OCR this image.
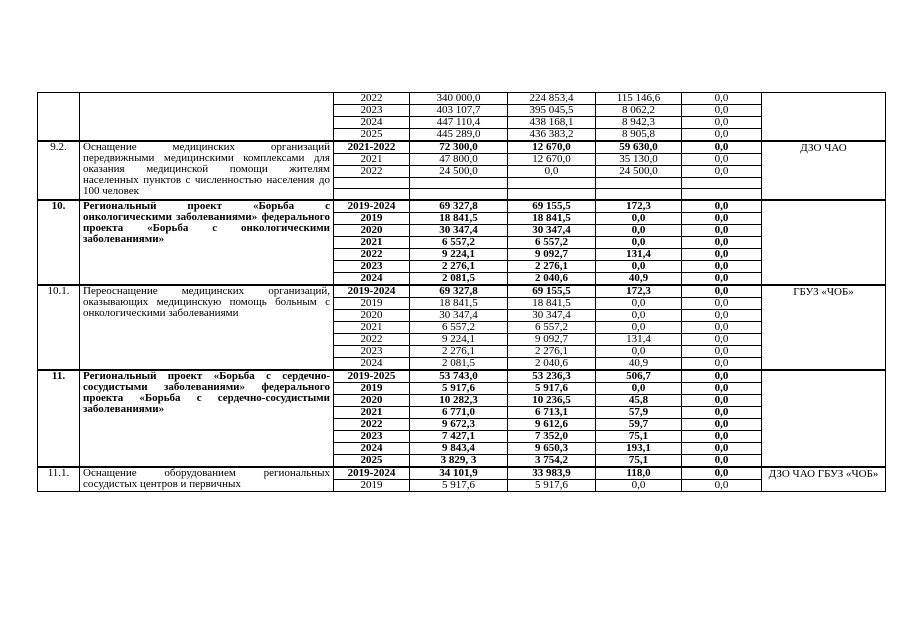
		2022	340 000,0	224 853,4	115 146,6	0,0	
		2023	403 107,7	395 045,5	8 062,2	0,0	
		2024	447 110,4	438 168,1	8 942,3	0,0	
		2025	445 289,0	436 383,2	8 905,8	0,0	
9.2.	Оснащение медицинских организаций передвижными медицинскими комплексами для оказания медицинской помощи жителям населенных пунктов с численностью населения до 100 человек	2021-2022	72 300,0	12 670,0	59 630,0	0,0	ДЗО ЧАО
		2021	47 800,0	12 670,0	35 130,0	0,0	
		2022	24 500,0	0,0	24 500,0	0,0	

10.	Региональный проект «Борьба с онкологическими заболеваниями» федерального проекта «Борьба с онкологическими заболеваниями»	2019-2024	69 327,8	69 155,5	172,3	0,0	
		2019	18 841,5	18 841,5	0,0	0,0	
		2020	30 347,4	30 347,4	0,0	0,0	
		2021	6 557,2	6 557,2	0,0	0,0	
		2022	9 224,1	9 092,7	131,4	0,0	
		2023	2 276,1	2 276,1	0,0	0,0	
		2024	2 081,5	2 040,6	40,9	0,0	
10.1.	Переоснащение медицинских организаций, оказывающих медицинскую помощь больным с онкологическими заболеваниями	2019-2024	69 327,8	69 155,5	172,3	0,0	ГБУЗ «ЧОБ»
		2019	18 841,5	18 841,5	0,0	0,0	
		2020	30 347,4	30 347,4	0,0	0,0	
		2021	6 557,2	6 557,2	0,0	0,0	
		2022	9 224,1	9 092,7	131,4	0,0	
		2023	2 276,1	2 276,1	0,0	0,0	
		2024	2 081,5	2 040,6	40,9	0,0	
11.	Региональный проект «Борьба с сердечно-сосудистыми заболеваниями» федерального проекта «Борьба с сердечно-сосудистыми заболеваниями»	2019-2025	53 743,0	53 236,3	506,7	0,0	
		2019	5 917,6	5 917,6	0,0	0,0	
		2020	10 282,3	10 236,5	45,8	0,0	
		2021	6 771,0	6 713,1	57,9	0,0	
		2022	9 672,3	9 612,6	59,7	0,0	
		2023	7 427,1	7 352,0	75,1	0,0	
		2024	9 843,4	9 650,3	193,1	0,0	
		2025	3 829, 3	3 754,2	75,1	0,0	
11.1.	Оснащение оборудованием региональных сосудистых центров и первичных	2019-2024	34 101,9	33 983,9	118,0	0,0	ДЗО ЧАО ГБУЗ «ЧОБ»
		2019	5 917,6	5 917,6	0,0	0,0	
